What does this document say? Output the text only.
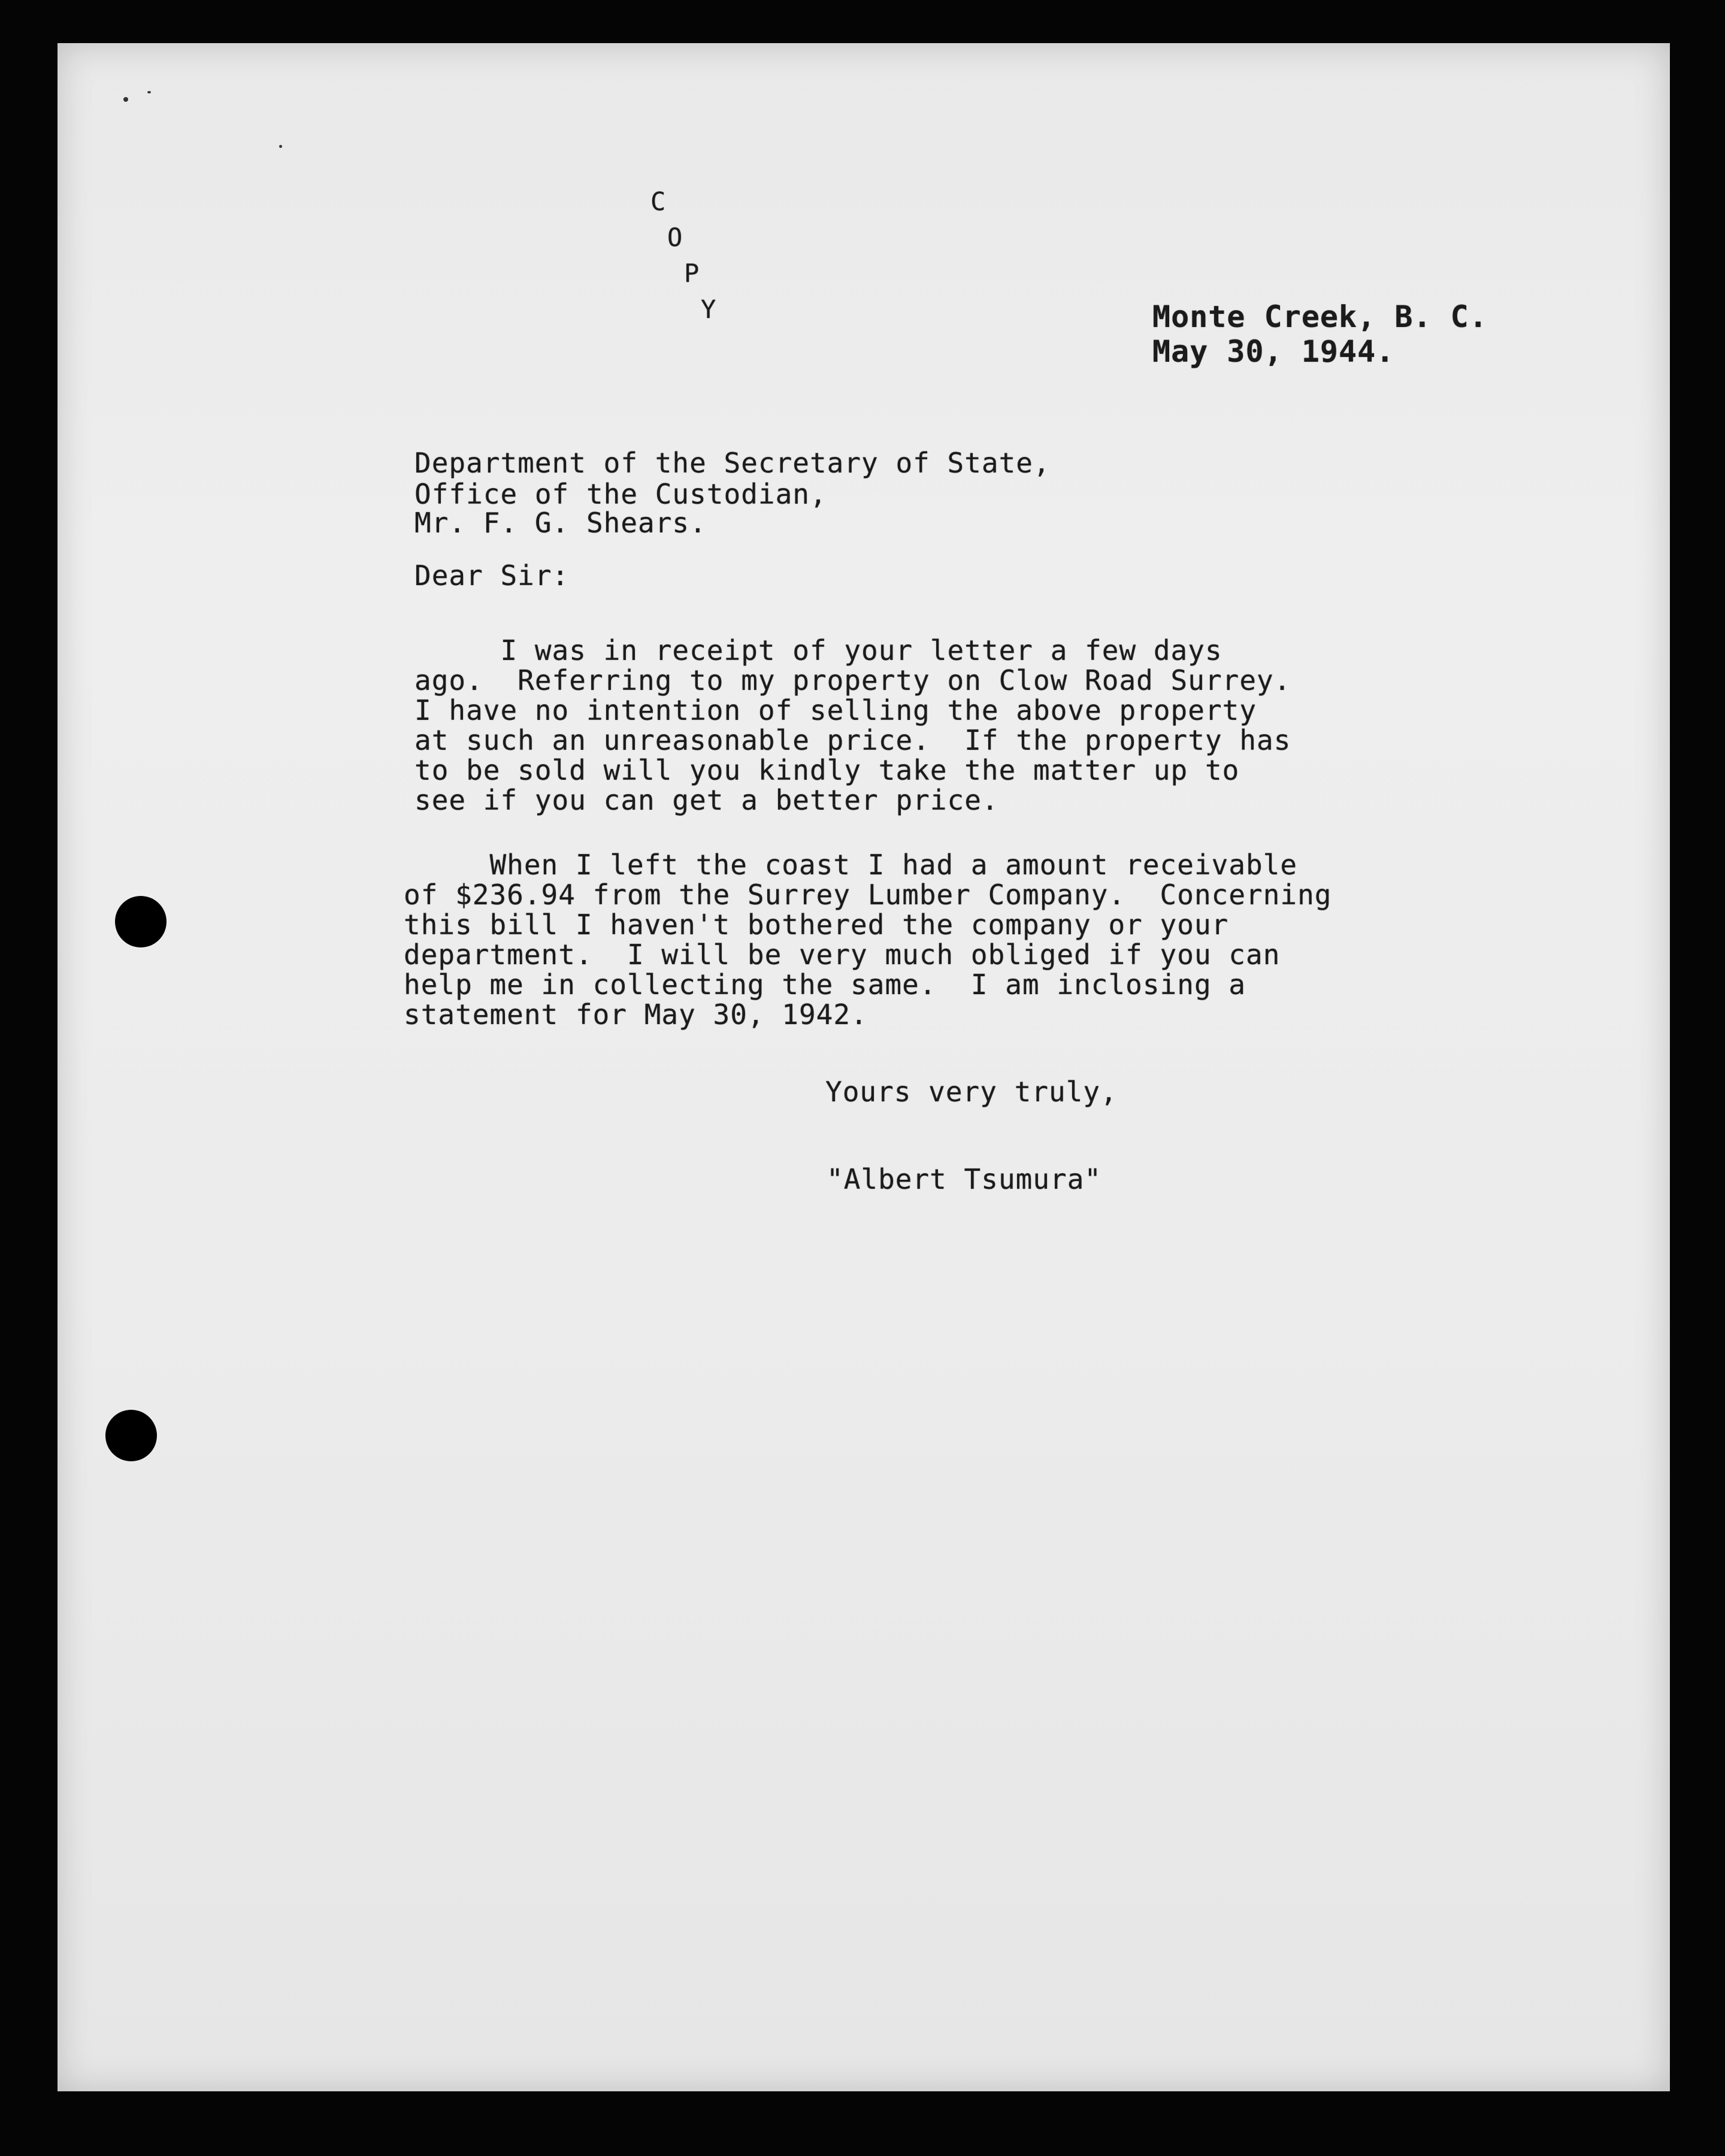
C
O
P
Y	Monte Creek, B. C.
May 30, 1944.
Department of the Secretary of State,
Office of the Custodian,
Mr. F. G. Shears.
Dear Sir:
I was in receipt of your letter a few days
ago.  Referring to my property on Clow Road Surrey.
I have no intention of selling the above property
at such an unreasonable price.  If the property has
to be sold will you kindly take the matter up to
see if you can get a better price.
When I left the coast I had a amount receivable
of $236.94 from the Surrey Lumber Company.  Concerning
this bill I haven't bothered the company or your
department.  I will be very much obliged if you can
help me in collecting the same.  I am inclosing a
statement for May 30, 1942.
Yours very truly,
"Albert Tsumura"
